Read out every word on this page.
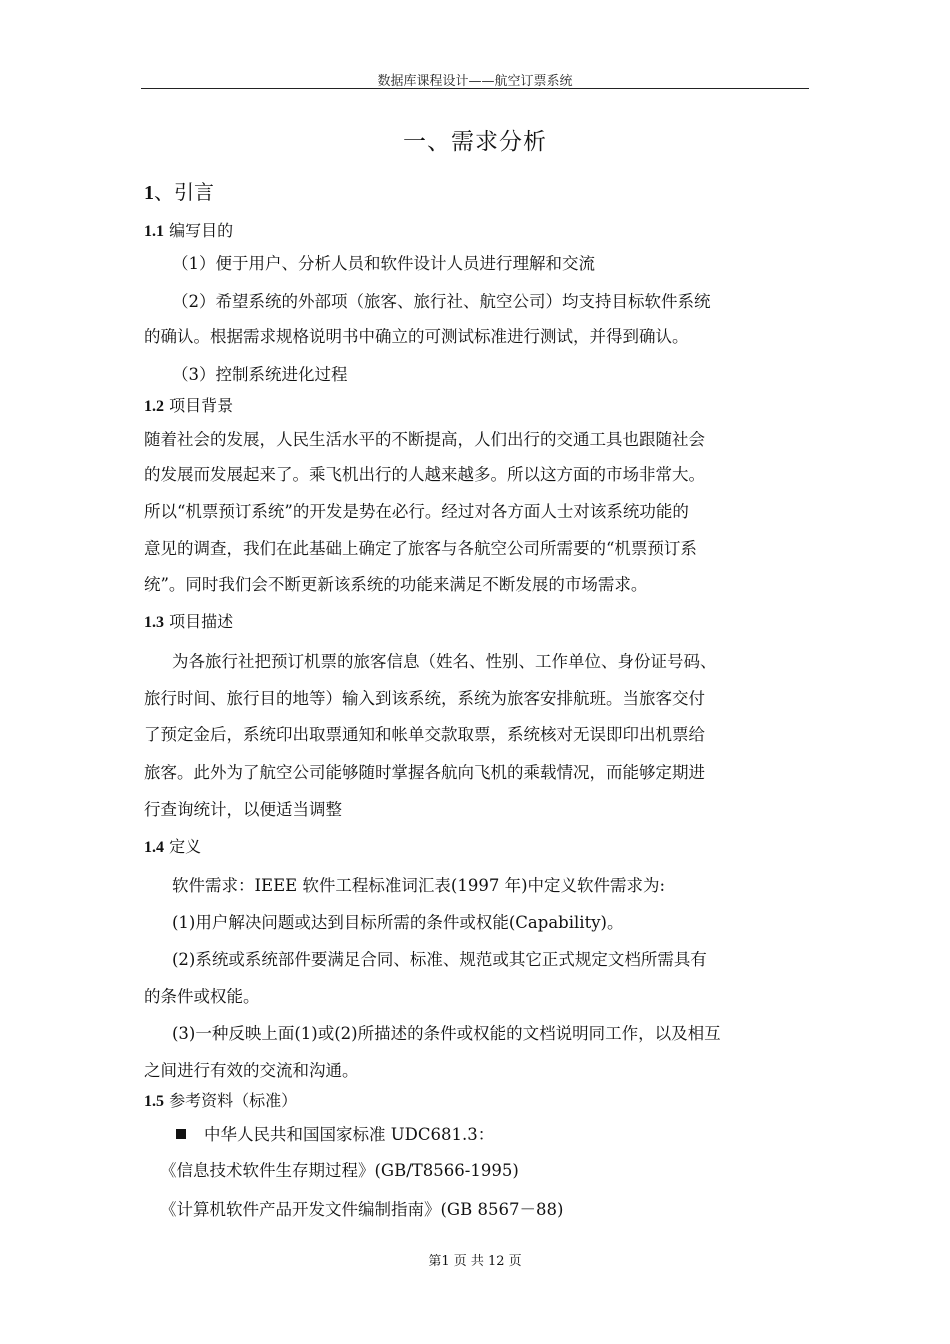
数据库课程设计——航空订票系统
一、需求分析
1、引言
1.1 编写目的
（1）便于用户、分析人员和软件设计人员进行理解和交流
（2）希望系统的外部项（旅客、旅行社、航空公司）均支持目标软件系统
的确认。根据需求规格说明书中确立的可测试标准进行测试，并得到确认。
（3）控制系统进化过程
1.2 项目背景
随着社会的发展，人民生活水平的不断提高，人们出行的交通工具也跟随社会
的发展而发展起来了。乘飞机出行的人越来越多。所以这方面的市场非常大。
所以“机票预订系统”的开发是势在必行。经过对各方面人士对该系统功能的
意见的调查，我们在此基础上确定了旅客与各航空公司所需要的“机票预订系
统”。同时我们会不断更新该系统的功能来满足不断发展的市场需求。
1.3 项目描述
为各旅行社把预订机票的旅客信息（姓名、性别、工作单位、身份证号码、
旅行时间、旅行目的地等）输入到该系统，系统为旅客安排航班。当旅客交付
了预定金后，系统印出取票通知和帐单交款取票，系统核对无误即印出机票给
旅客。此外为了航空公司能够随时掌握各航向飞机的乘载情况，而能够定期进
行查询统计，以便适当调整
1.4 定义
软件需求：IEEE 软件工程标准词汇表(1997 年)中定义软件需求为:
(1)用户解决问题或达到目标所需的条件或权能(Capability)。
(2)系统或系统部件要满足合同、标准、规范或其它正式规定文档所需具有
的条件或权能。
(3)一种反映上面(1)或(2)所描述的条件或权能的文档说明同工作，以及相互
之间进行有效的交流和沟通。
1.5 参考资料（标准）
中华人民共和国国家标准 UDC681.3：
《信息技术软件生存期过程》(GB/T8566-1995)
《计算机软件产品开发文件编制指南》(GB 8567－88)
第1 页 共 12 页
